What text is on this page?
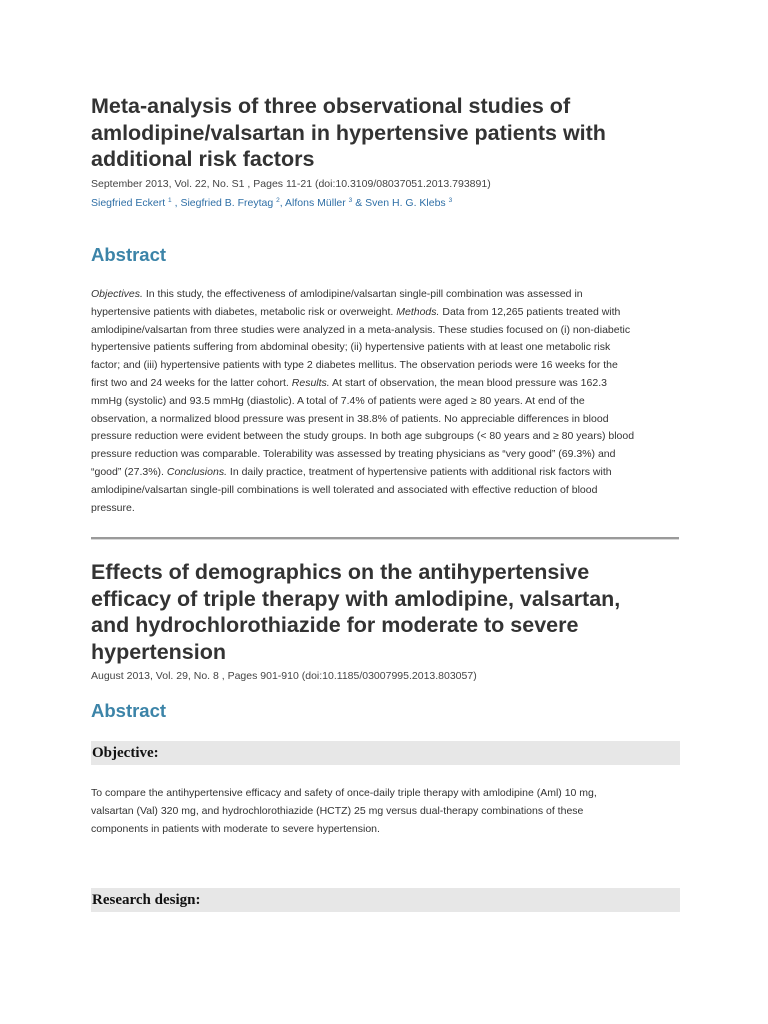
Meta-analysis of three observational studies of
amlodipine/valsartan in hypertensive patients with
additional risk factors

September 2013, Vol. 22, No. S1 , Pages 11-21 (doi:10.3109/08037051.2013.793891)

Siegfried Eckert $^1$ , Siegfried B. Freytag $^2$, Alfons Müller $^3$ & Sven H. G. Klebs $^3$

Abstract
Objectives. In this study, the effectiveness of amlodipine/valsartan single-pill combination was assessed in
hypertensive patients with diabetes, metabolic risk or overweight. Methods. Data from 12,265 patients treated with
amlodipine/valsartan from three studies were analyzed in a meta-analysis. These studies focused on (i) non-diabetic
hypertensive patients suffering from abdominal obesity; (ii) hypertensive patients with at least one metabolic risk
factor; and (iii) hypertensive patients with type 2 diabetes mellitus. The observation periods were 16 weeks for the
first two and 24 weeks for the latter cohort. Results. At start of observation, the mean blood pressure was 162.3
mmHg (systolic) and 93.5 mmHg (diastolic). A total of 7.4% of patients were aged ≥ 80 years. At end of the
observation, a normalized blood pressure was present in 38.8% of patients. No appreciable differences in blood
pressure reduction were evident between the study groups. In both age subgroups (< 80 years and ≥ 80 years) blood
pressure reduction was comparable. Tolerability was assessed by treating physicians as “very good” (69.3%) and
“good” (27.3%). Conclusions. In daily practice, treatment of hypertensive patients with additional risk factors with
amlodipine/valsartan single-pill combinations is well tolerated and associated with effective reduction of blood
pressure.
Effects of demographics on the antihypertensive
efficacy of triple therapy with amlodipine, valsartan,
and hydrochlorothiazide for moderate to severe
hypertension

August 2013, Vol. 29, No. 8 , Pages 901-910 (doi:10.1185/03007995.2013.803057)

Abstract
Objective:
To compare the antihypertensive efficacy and safety of once-daily triple therapy with amlodipine (Aml) 10 mg,
valsartan (Val) 320 mg, and hydrochlorothiazide (HCTZ) 25 mg versus dual-therapy combinations of these
components in patients with moderate to severe hypertension.
Research design:
